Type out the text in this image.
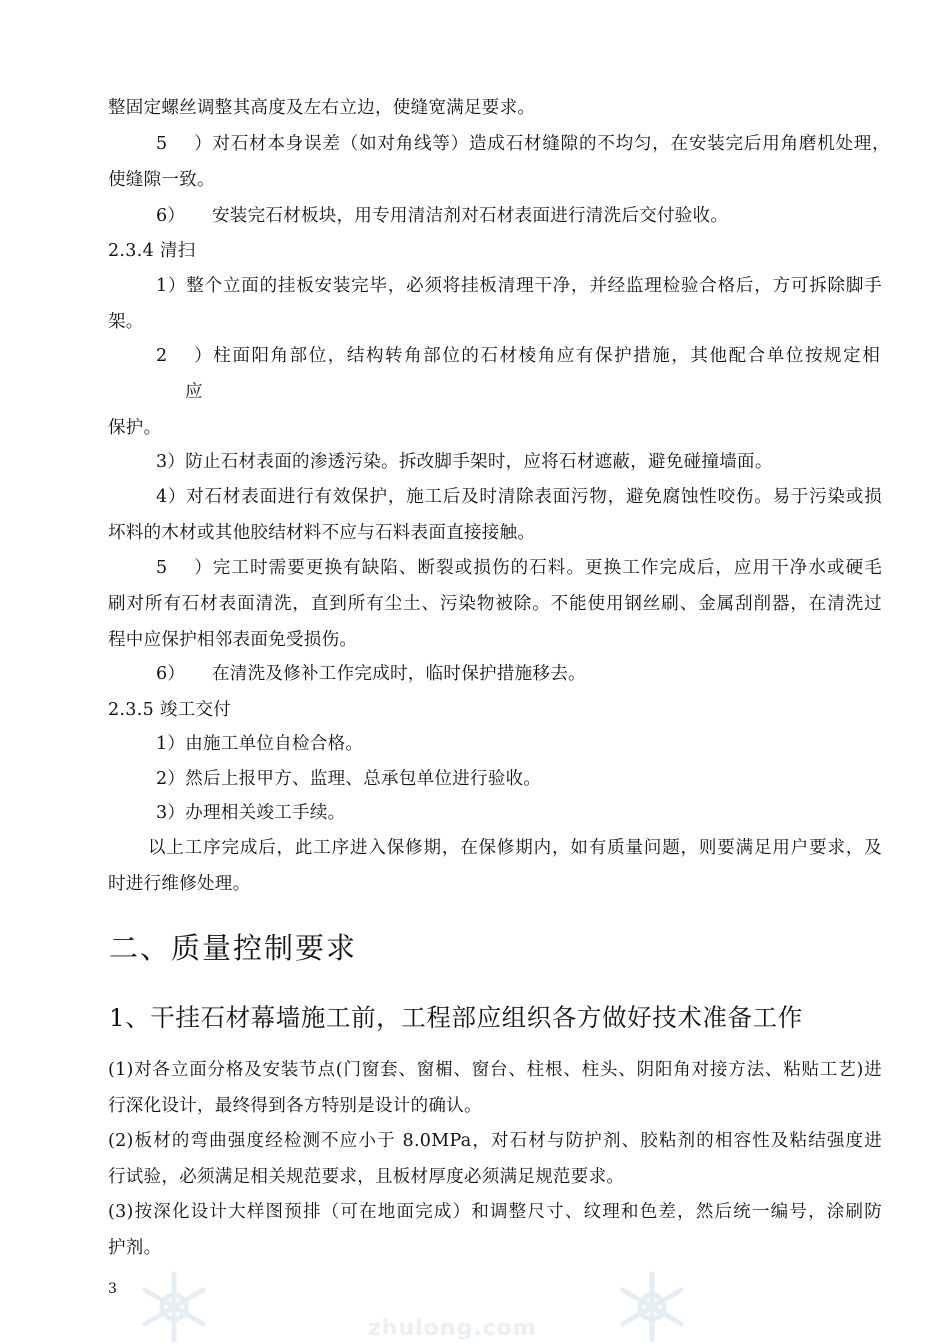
整固定螺丝调整其高度及左右立边，使缝宽满足要求。
5）对石材本身误差（如对角线等）造成石材缝隙的不均匀，在安装完后用角磨机处理，
使缝隙一致。
6） 安装完石材板块，用专用清洁剂对石材表面进行清洗后交付验收。
2.3.4 清扫
1）整个立面的挂板安装完毕，必须将挂板清理干净，并经监理检验合格后，方可拆除脚手
架。
2）柱面阳角部位，结构转角部位的石材棱角应有保护措施，其他配合单位按规定相
应
保护。
3）防止石材表面的渗透污染。拆改脚手架时，应将石材遮蔽，避免碰撞墙面。
4）对石材表面进行有效保护，施工后及时清除表面污物，避免腐蚀性咬伤。易于污染或损
坏料的木材或其他胶结材料不应与石料表面直接接触。
5）完工时需要更换有缺陷、断裂或损伤的石料。更换工作完成后，应用干净水或硬毛
刷对所有石材表面清洗，直到所有尘土、污染物被除。不能使用钢丝刷、金属刮削器，在清洗过
程中应保护相邻表面免受损伤。
6） 在清洗及修补工作完成时，临时保护措施移去。
2.3.5 竣工交付
1）由施工单位自检合格。
2）然后上报甲方、监理、总承包单位进行验收。
3）办理相关竣工手续。
以上工序完成后，此工序进入保修期，在保修期内，如有质量问题，则要满足用户要求，及
时进行维修处理。
二、质量控制要求
1、干挂石材幕墙施工前，工程部应组织各方做好技术准备工作
(1)对各立面分格及安装节点(门窗套、窗楣、窗台、柱根、柱头、阴阳角对接方法、粘贴工艺)进
行深化设计，最终得到各方特别是设计的确认。
(2)板材的弯曲强度经检测不应小于 8.0MPa，对石材与防护剂、胶粘剂的相容性及粘结强度进
行试验，必须满足相关规范要求，且板材厚度必须满足规范要求。
(3)按深化设计大样图预排（可在地面完成）和调整尺寸、纹理和色差，然后统一编号，涂刷防
护剂。
3
zhulong.com
